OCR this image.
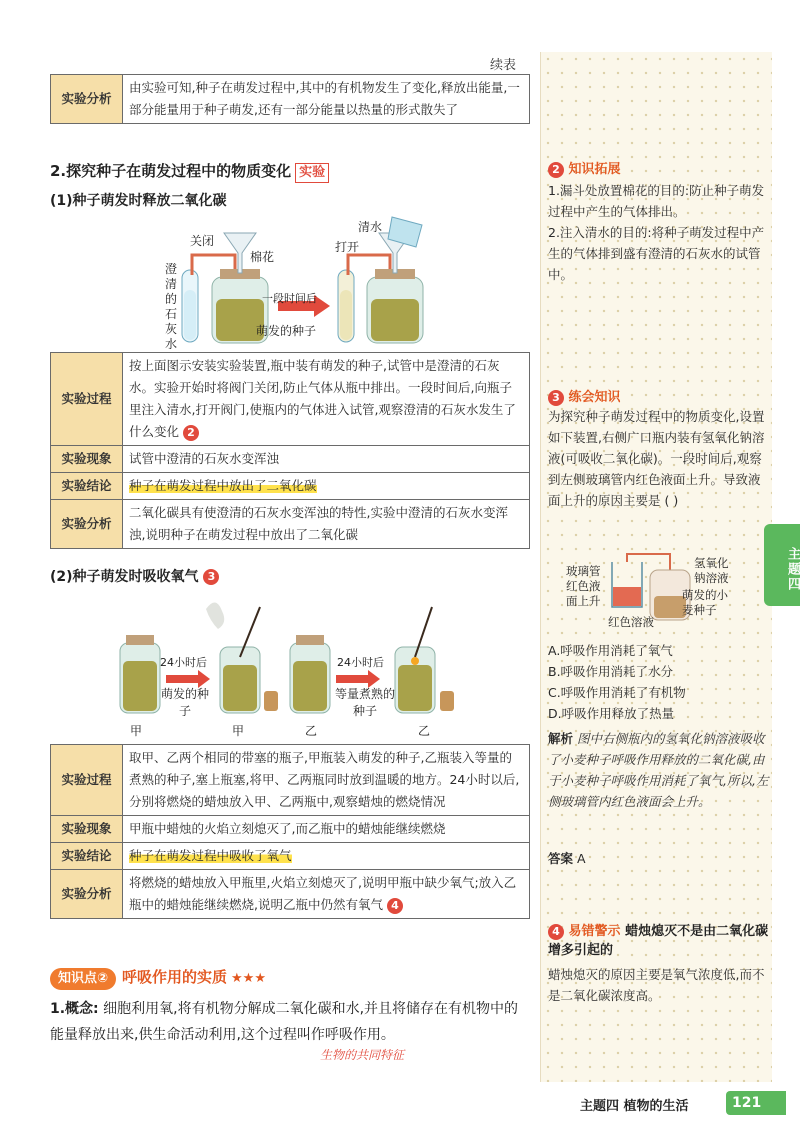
主题四
续表
实验分析	由实验可知,种子在萌发过程中,其中的有机物发生了变化,释放出能量,一部分能量用于种子萌发,还有一部分能量以热量的形式散失了
2.探究种子在萌发过程中的物质变化 实验
(1)种子萌发时释放二氧化碳
关闭
棉花
澄清的石灰水
一段时间后
萌发的种子
清水
打开
实验过程	按上面图示安装实验装置,瓶中装有萌发的种子,试管中是澄清的石灰水。实验开始时将阀门关闭,防止气体从瓶中排出。一段时间后,向瓶子里注入清水,打开阀门,使瓶内的气体进入试管,观察澄清的石灰水发生了什么变化 2
实验现象	试管中澄清的石灰水变浑浊
实验结论	种子在萌发过程中放出了二氧化碳
实验分析	二氧化碳具有使澄清的石灰水变浑浊的特性,实验中澄清的石灰水变浑浊,说明种子在萌发过程中放出了二氧化碳
(2)种子萌发时吸收氧气 3
24小时后	24小时后
萌发的种子
等量煮熟的种子
甲	甲	乙	乙
实验过程	取甲、乙两个相同的带塞的瓶子,甲瓶装入萌发的种子,乙瓶装入等量的煮熟的种子,塞上瓶塞,将甲、乙两瓶同时放到温暖的地方。24小时以后,分别将燃烧的蜡烛放入甲、乙两瓶中,观察蜡烛的燃烧情况
实验现象	甲瓶中蜡烛的火焰立刻熄灭了,而乙瓶中的蜡烛能继续燃烧
实验结论	种子在萌发过程中吸收了氧气
实验分析	将燃烧的蜡烛放入甲瓶里,火焰立刻熄灭了,说明甲瓶中缺少氧气;放入乙瓶中的蜡烛能继续燃烧,说明乙瓶中仍然有氧气 4
知识点② 呼吸作用的实质 ★★★
1.概念: 细胞利用氧,将有机物分解成二氧化碳和水,并且将储存在有机物中的能量释放出来,供生命活动利用,这个过程叫作呼吸作用。
生物的共同特征
2 知识拓展

1.漏斗处放置棉花的目的:防止种子萌发过程中产生的气体排出。

2.注入清水的目的:将种子萌发过程中产生的气体排到盛有澄清的石灰水的试管中。

3 练会知识
为探究种子萌发过程中的物质变化,设置如下装置,右侧广口瓶内装有氢氧化钠溶液(可吸收二氧化碳)。一段时间后,观察到左侧玻璃管内红色液面上升。导致液面上升的原因主要是 ( )
玻璃管
红色液面上升
红色溶液
氢氧化钠溶液
萌发的小麦种子

A.呼吸作用消耗了氧气

B.呼吸作用消耗了水分

C.呼吸作用消耗了有机物

D.呼吸作用释放了热量

解析 图中右侧瓶内的氢氧化钠溶液吸收了小麦种子呼吸作用释放的二氧化碳,由于小麦种子呼吸作用消耗了氧气,所以,左侧玻璃管内红色液面会上升。
答案 A
4 易错警示 蜡烛熄灭不是由二氧化碳增多引起的
蜡烛熄灭的原因主要是氧气浓度低,而不是二氧化碳浓度高。
主题四 植物的生活	121
